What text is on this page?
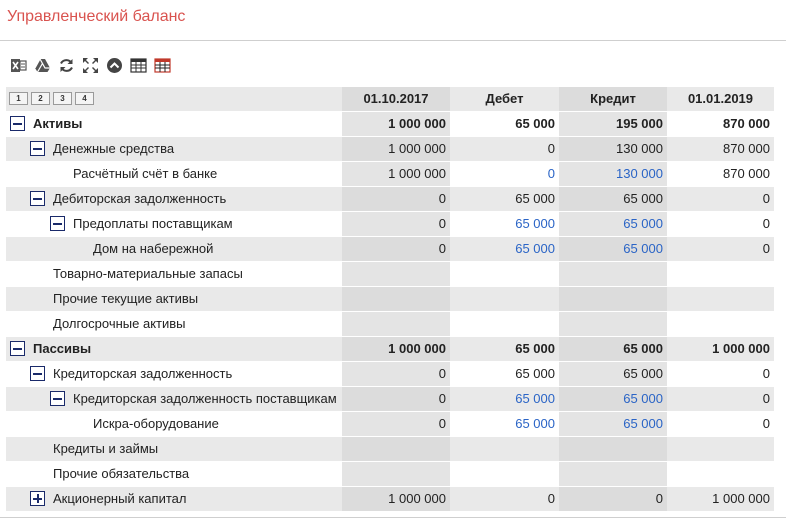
Управленческий баланс
1 2 3 4	01.10.2017	Дебет	Кредит	01.01.2019

Активы	1 000 000	65 000	195 000	870 000

Денежные средства	1 000 000	0	130 000	870 000

Расчётный счёт в банке	1 000 000	0	130 000	870 000

Дебиторская задолженность	0	65 000	65 000	0

Предоплаты поставщикам	0	65 000	65 000	0

Дом на набережной	0	65 000	65 000	0

Товарно-материальные запасы				

Прочие текущие активы				

Долгосрочные активы				

Пассивы	1 000 000	65 000	65 000	1 000 000

Кредиторская задолженность	0	65 000	65 000	0

Кредиторская задолженность поставщикам	0	65 000	65 000	0

Искра-оборудование	0	65 000	65 000	0

Кредиты и займы				

Прочие обязательства				

Акционерный капитал	1 000 000	0	0	1 000 000
